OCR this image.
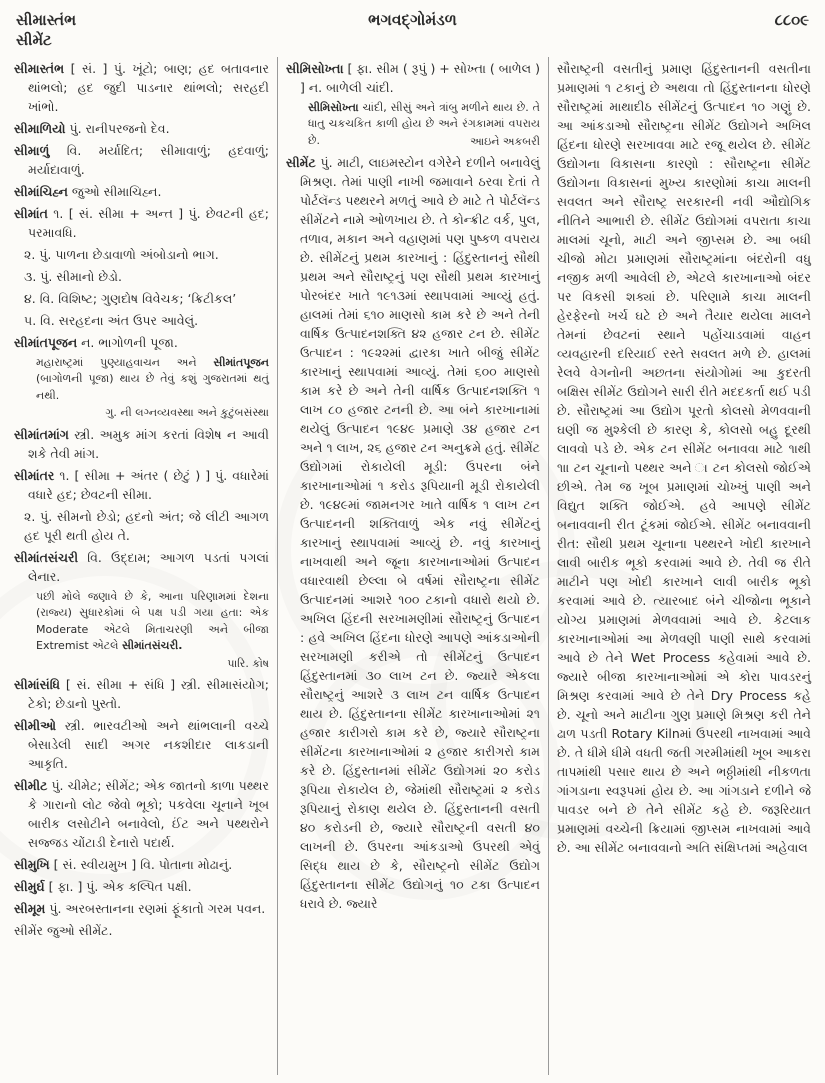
સીમાસ્તંભ
સીમેંટ
ભગવદ્ગોમંડળ	૮૮૦૯

સીમાસ્તંભ [ સં. ] પું. ખૂંટો; બાણ; હદ બતાવનાર થાંભલો; હદ જુદી પાડનાર થાંભલો; સરહદી ખાંભો.

સીમાળિયો પું. રાનીપરજનો દેવ.

સીમાળું વિ. મર્યાદિત; સીમાવાળું; હદવાળું; મર્યાદાવાળું.

સીમાંચિહ્ન જુઓ સીમાચિહ્ન.

સીમાંત ૧. [ સં. સીમા + અન્ત ] પું. છેવટની હદ; પરમાવધિ.

૨. પું. પાળના છેડાવાળો અંબોડાનો ભાગ.

૩. પું. સીમાનો છેડો.

૪. વિ. વિશિષ્ટ; ગુણદોષ વિવેચક; ‘ક્રિટીકલ’

૫. વિ. સરહદના અંત ઉપર આવેલું.

સીમાંતપૂજન ન. ભાગોળની પૂજા.

મહારાષ્ટ્રમાં પુણ્યાહવાચન અને સીમાંતપૂજન (બાગોળની પૂજા) થાય છે તેવું કશું ગુજરાતમાં થતું નથી.

ગુ. ની લગ્નવ્યવસ્થા અને કુટુંબસંસ્થા

સીમાંતમાંગ સ્ત્રી. અમુક માંગ કરતાં વિશેષ ન આવી શકે તેવી માંગ.

સીમાંતર ૧. [ સીમા + અંતર ( છેટું ) ] પું. વધારેમાં વધારે હદ; છેવટની સીમા.

૨. પું. સીમનો છેડો; હદનો અંત; જે લીટી આગળ હદ પૂરી થતી હોય તે.

સીમાંતસંચરી વિ. ઉદ્દામ; આગળ પડતાં પગલાં લેનાર.

પછી મોલે જણાવે છે કે, આના પરિણામમાં દેશના (રાજ્ય) સુધારકોમાં બે પક્ષ પડી ગયા હતા: એક Moderate એટલે મિતાચરણી અને બીજા Extremist એટલે સીમાંતસંચરી.

પારિ. કોષ

સીમાંસંધિ [ સં. સીમા + સંધિ ] સ્ત્રી. સીમાસંયોગ; ટેકો; છેડાનો પુસ્તો.

સીમીઓ સ્ત્રી. ભારવટીઓ અને થાંભલાની વચ્ચે બેસાડેલી સાદી અગર નકશીદાર લાકડાની આકૃતિ.

સીમીટ પું. ચીમેટ; સીમેંટ; એક જાતનો કાળા પથ્થર કે ગારાનો લોટ જેવો ભૂકો; પકવેલા ચૂનાને ખૂબ બારીક લસોટીને બનાવેલો, ઈંટ અને પથ્થરોને સજ્જડ ચોંટાડી દેનારો પદાર્થ.

સીમુખિ [ સં. સ્વીયમુખ ] વિ. પોતાના મોઢાનું.

સીમુર્ઘ [ ફા. ] પું. એક કલ્પિત પક્ષી.

સીમૂમ પું. અરબસ્તાનના રણમાં ફૂંકાતો ગરમ પવન.

સીમેંર જુઓ સીમેંટ.

સીમિસોખ્તા [ ફા. સીમ ( રૂપું ) + સોખ્તા ( બાળેલ ) ] ન. બાળેલી ચાંદી.

સીમિસોખ્તા ચાંદી, સીસું અને ત્રાંબુ મળીને થાય છે. તે ધાતુ ચકચકિત કાળી હોય છે અને રંગકામમાં વપરાય છે.	આઇને અકબરી

સીમેંટ પું. માટી, લાઇમસ્ટોન વગેરેને દળીને બનાવેલું મિશ્રણ. તેમાં પાણી નાખી જમાવાને ઠરવા દેતાં તે પોર્ટલૅન્ડ પથ્થરને મળતું આવે છે માટે તે પોર્ટલૅન્ડ સીમેંટને નામે ઓળખાય છે. તે કોન્ક્રીટ વર્ક, પુલ, તળાવ, મકાન અને વહાણમાં પણ પુષ્કળ વપરાય છે. સીમેંટનું પ્રથમ કારખાનું : હિંદુસ્તાનનું સૌથી પ્રથમ અને સૌરાષ્ટ્રનું પણ સૌથી પ્રથમ કારખાનું પોરબંદર ખાતે ૧૯૧૩માં સ્થાપવામાં આવ્યું હતું. હાલમાં તેમાં ૬૧૦ માણસો કામ કરે છે અને તેની વાર્ષિક ઉત્પાદનશક્તિ ૪૨ હજાર ટન છે. સીમેંટ ઉત્પાદન : ૧૯૨૨માં દ્વારકા ખાતે બીજું સીમેંટ કારખાનું સ્થાપવામાં આવ્યું. તેમાં ૬૦૦ માણસો કામ કરે છે અને તેની વાર્ષિક ઉત્પાદનશક્તિ ૧ લાખ ૮૦ હજાર ટનની છે. આ બંને કારખાનામાં થયેલું ઉત્પાદન ૧૯૪૯ પ્રમાણે ૩૪ હજાર ટન અને ૧ લાખ, ૨૬ હજાર ટન અનુક્રમે હતું. સીમેંટ ઉદ્યોગમાં રોકાયેલી મૂડી: ઉપરના બંને કારખાનાઓમાં ૧ કરોડ રૂપિયાની મૂડી રોકાયેલી છે. ૧૯૪૯માં જામનગર ખાતે વાર્ષિક ૧ લાખ ટન ઉત્પાદનની શક્તિવાળું એક નવું સીમેંટનું કારખાનું સ્થાપવામાં આવ્યું છે. નવું કારખાનું નાખવાથી અને જૂના કારખાનાઓમાં ઉત્પાદન વધારવાથી છેલ્લા બે વર્ષમાં સૌરાષ્ટ્રના સીમેંટ ઉત્પાદનમાં આશરે ૧૦૦ ટકાનો વધારો થયો છે. અખિલ હિંદની સરખામણીમાં સૌરાષ્ટ્રનું ઉત્પાદન : હવે અખિલ હિંદના ધોરણે આપણે આંકડાઓની સરખામણી કરીએ તો સીમેંટનું ઉત્પાદન હિંદુસ્તાનમાં ૩૦ લાખ ટન છે. જ્યારે એકલા સૌરાષ્ટ્રનું આશરે ૩ લાખ ટન વાર્ષિક ઉત્પાદન થાય છે. હિંદુસ્તાનના સીમેંટ કારખાનાઓમાં ૨૧ હજાર કારીગરો કામ કરે છે, જ્યારે સૌરાષ્ટ્રના સીમેંટના કારખાનાઓમાં ૨ હજાર કારીગરો કામ કરે છે. હિંદુસ્તાનમાં સીમેંટ ઉદ્યોગમાં ૨૦ કરોડ રૂપિયા રોકાયેલ છે, જેમાંથી સૌરાષ્ટ્રમાં ૨ કરોડ રૂપિયાનું રોકાણ થયેલ છે. હિંદુસ્તાનની વસતી ૪૦ કરોડની છે, જ્યારે સૌરાષ્ટ્રની વસતી ૪૦ લાખની છે. ઉપરના આંકડાઓ ઉપરથી એવું સિદ્ધ થાય છે કે, સૌરાષ્ટ્રનો સીમેંટ ઉદ્યોગ હિંદુસ્તાનના સીમેંટ ઉદ્યોગનું ૧૦ ટકા ઉત્પાદન ધરાવે છે. જ્યારે

સૌરાષ્ટ્રની વસતીનું પ્રમાણ હિંદુસ્તાનની વસતીના પ્રમાણમાં ૧ ટકાનું છે અથવા તો હિંદુસ્તાનના ધોરણે સૌરાષ્ટ્રમાં માથાદીઠ સીમેંટનું ઉત્પાદન ૧૦ ગણું છે. આ આંકડાઓ સૌરાષ્ટ્રના સીમેંટ ઉદ્યોગને અખિલ હિંદના ધોરણે સરખાવવા માટે રજૂ થયેલ છે. સીમેંટ ઉદ્યોગના વિકાસના કારણો : સૌરાષ્ટ્રના સીમેંટ ઉદ્યોગના વિકાસનાં મુખ્ય કારણોમાં કાચા માલની સવલત અને સૌરાષ્ટ્ર સરકારની નવી ઔદ્યોગિક નીતિને આભારી છે. સીમેંટ ઉદ્યોગમાં વપરાતા કાચા માલમાં ચૂનો, માટી અને જીપ્સમ છે. આ બધી ચીજો મોટા પ્રમાણમાં સૌરાષ્ટ્રમાંના બંદરોની વધુ નજીક મળી આવેલી છે, એટલે કારખાનાઓ બંદર પર વિકસી શક્યાં છે. પરિણામે કાચા માલની હેરફેરનો ખર્ચ ઘટે છે અને તૈયાર થયેલા માલને તેમનાં છેવટનાં સ્થાને પહોંચાડવામાં વાહન વ્યવહારની દરિયાઈ રસ્તે સવલત મળે છે. હાલમાં રેલવે વેગનોની અછતના સંયોગોમાં આ કુદરતી બક્ષિસ સીમેંટ ઉદ્યોગને સારી રીતે મદદકર્તા થઈ પડી છે. સૌરાષ્ટ્રમાં આ ઉદ્યોગ પૂરતો કોલસો મેળવવાની ઘણી જ મુશ્કેલી છે કારણ કે, કોલસો બહુ દૂરથી લાવવો પડે છે. એક ટન સીમેંટ બનાવવા માટે ૧ાથી ૧ાા ટન ચૂનાનો પથ્થર અને ા ટન કોલસો જોઈએ છીએ. તેમ જ ખૂબ પ્રમાણમાં ચોખ્ખું પાણી અને વિદ્યુત શક્તિ જોઈએ. હવે આપણે સીમેંટ બનાવવાની રીત ટૂંકમાં જોઈએ. સીમેંટ બનાવવાની રીત: સૌથી પ્રથમ ચૂનાના પથ્થરને ખોદી કારખાને લાવી બારીક ભૂકો કરવામાં આવે છે. તેવી જ રીતે માટીને પણ ખોદી કારખાને લાવી બારીક ભૂકો કરવામાં આવે છે. ત્યારબાદ બંને ચીજોના ભૂકાને યોગ્ય પ્રમાણમાં મેળવવામાં આવે છે. કેટલાક કારખાનાઓમાં આ મેળવણી પાણી સાથે કરવામાં આવે છે તેને Wet Process કહેવામાં આવે છે. જ્યારે બીજા કારખાનાઓમાં એ કોરા પાવડરનું મિશ્રણ કરવામાં આવે છે તેને Dry Process કહે છે. ચૂનો અને માટીના ગુણ પ્રમાણે મિશ્રણ કરી તેને ઢાળ પડતી Rotary Kilnમાં ઉપરથી નાખવામાં આવે છે. તે ધીમે ધીમે વધતી જતી ગરમીમાંથી ખૂબ આકરા તાપમાંથી પસાર થાય છે અને ભઠ્ઠીમાંથી નીકળતા ગાંગડાના સ્વરૂપમાં હોય છે. આ ગાંગડાને દળીને જે પાવડર બને છે તેને સીમેંટ કહે છે. જરૂરિયાત પ્રમાણમાં વચ્ચેની ક્રિયામાં જીપ્સમ નાખવામાં આવે છે. આ સીમેંટ બનાવવાનો અતિ સંક્ષિપ્તમાં અહેવાલ
